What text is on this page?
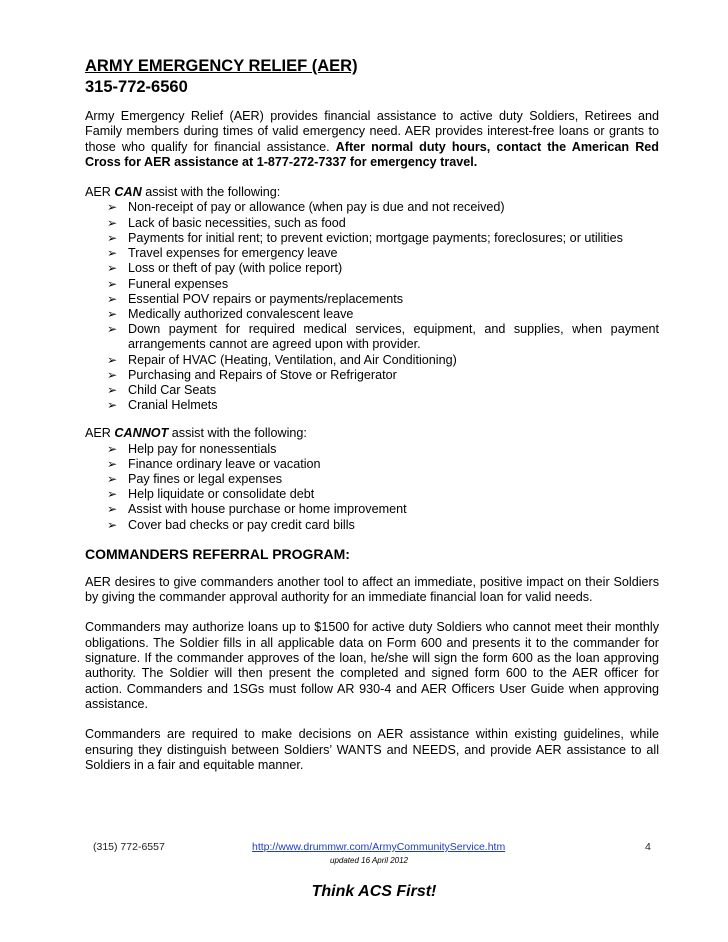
ARMY EMERGENCY RELIEF (AER)

315-772-6560

Army Emergency Relief (AER) provides financial assistance to active duty Soldiers, Retirees and Family members during times of valid emergency need. AER provides interest-free loans or grants to those who qualify for financial assistance. After normal duty hours, contact the American Red Cross for AER assistance at 1-877-272-7337 for emergency travel.

AER CAN assist with the following:

➢ Non-receipt of pay or allowance (when pay is due and not received)
➢ Lack of basic necessities, such as food
➢ Payments for initial rent; to prevent eviction; mortgage payments; foreclosures; or utilities
➢ Travel expenses for emergency leave
➢ Loss or theft of pay (with police report)
➢ Funeral expenses
➢ Essential POV repairs or payments/replacements
➢ Medically authorized convalescent leave
➢ Down payment for required medical services, equipment, and supplies, when payment arrangements cannot are agreed upon with provider.
➢ Repair of HVAC (Heating, Ventilation, and Air Conditioning)
➢ Purchasing and Repairs of Stove or Refrigerator
➢ Child Car Seats
➢ Cranial Helmets

AER CANNOT assist with the following:

➢ Help pay for nonessentials
➢ Finance ordinary leave or vacation
➢ Pay fines or legal expenses
➢ Help liquidate or consolidate debt
➢ Assist with house purchase or home improvement
➢ Cover bad checks or pay credit card bills

COMMANDERS REFERRAL PROGRAM:

AER desires to give commanders another tool to affect an immediate, positive impact on their Soldiers by giving the commander approval authority for an immediate financial loan for valid needs.

Commanders may authorize loans up to $1500 for active duty Soldiers who cannot meet their monthly obligations. The Soldier fills in all applicable data on Form 600 and presents it to the commander for signature. If the commander approves of the loan, he/she will sign the form 600 as the loan approving authority. The Soldier will then present the completed and signed form 600 to the AER officer for action. Commanders and 1SGs must follow AR 930-4 and AER Officers User Guide when approving assistance.

Commanders are required to make decisions on AER assistance within existing guidelines, while ensuring they distinguish between Soldiers’ WANTS and NEEDS, and provide AER assistance to all Soldiers in a fair and equitable manner.

(315) 772-6557	http://www.drummwr.com/ArmyCommunityService.htm	4
updated 16 April 2012
Think ACS First!
